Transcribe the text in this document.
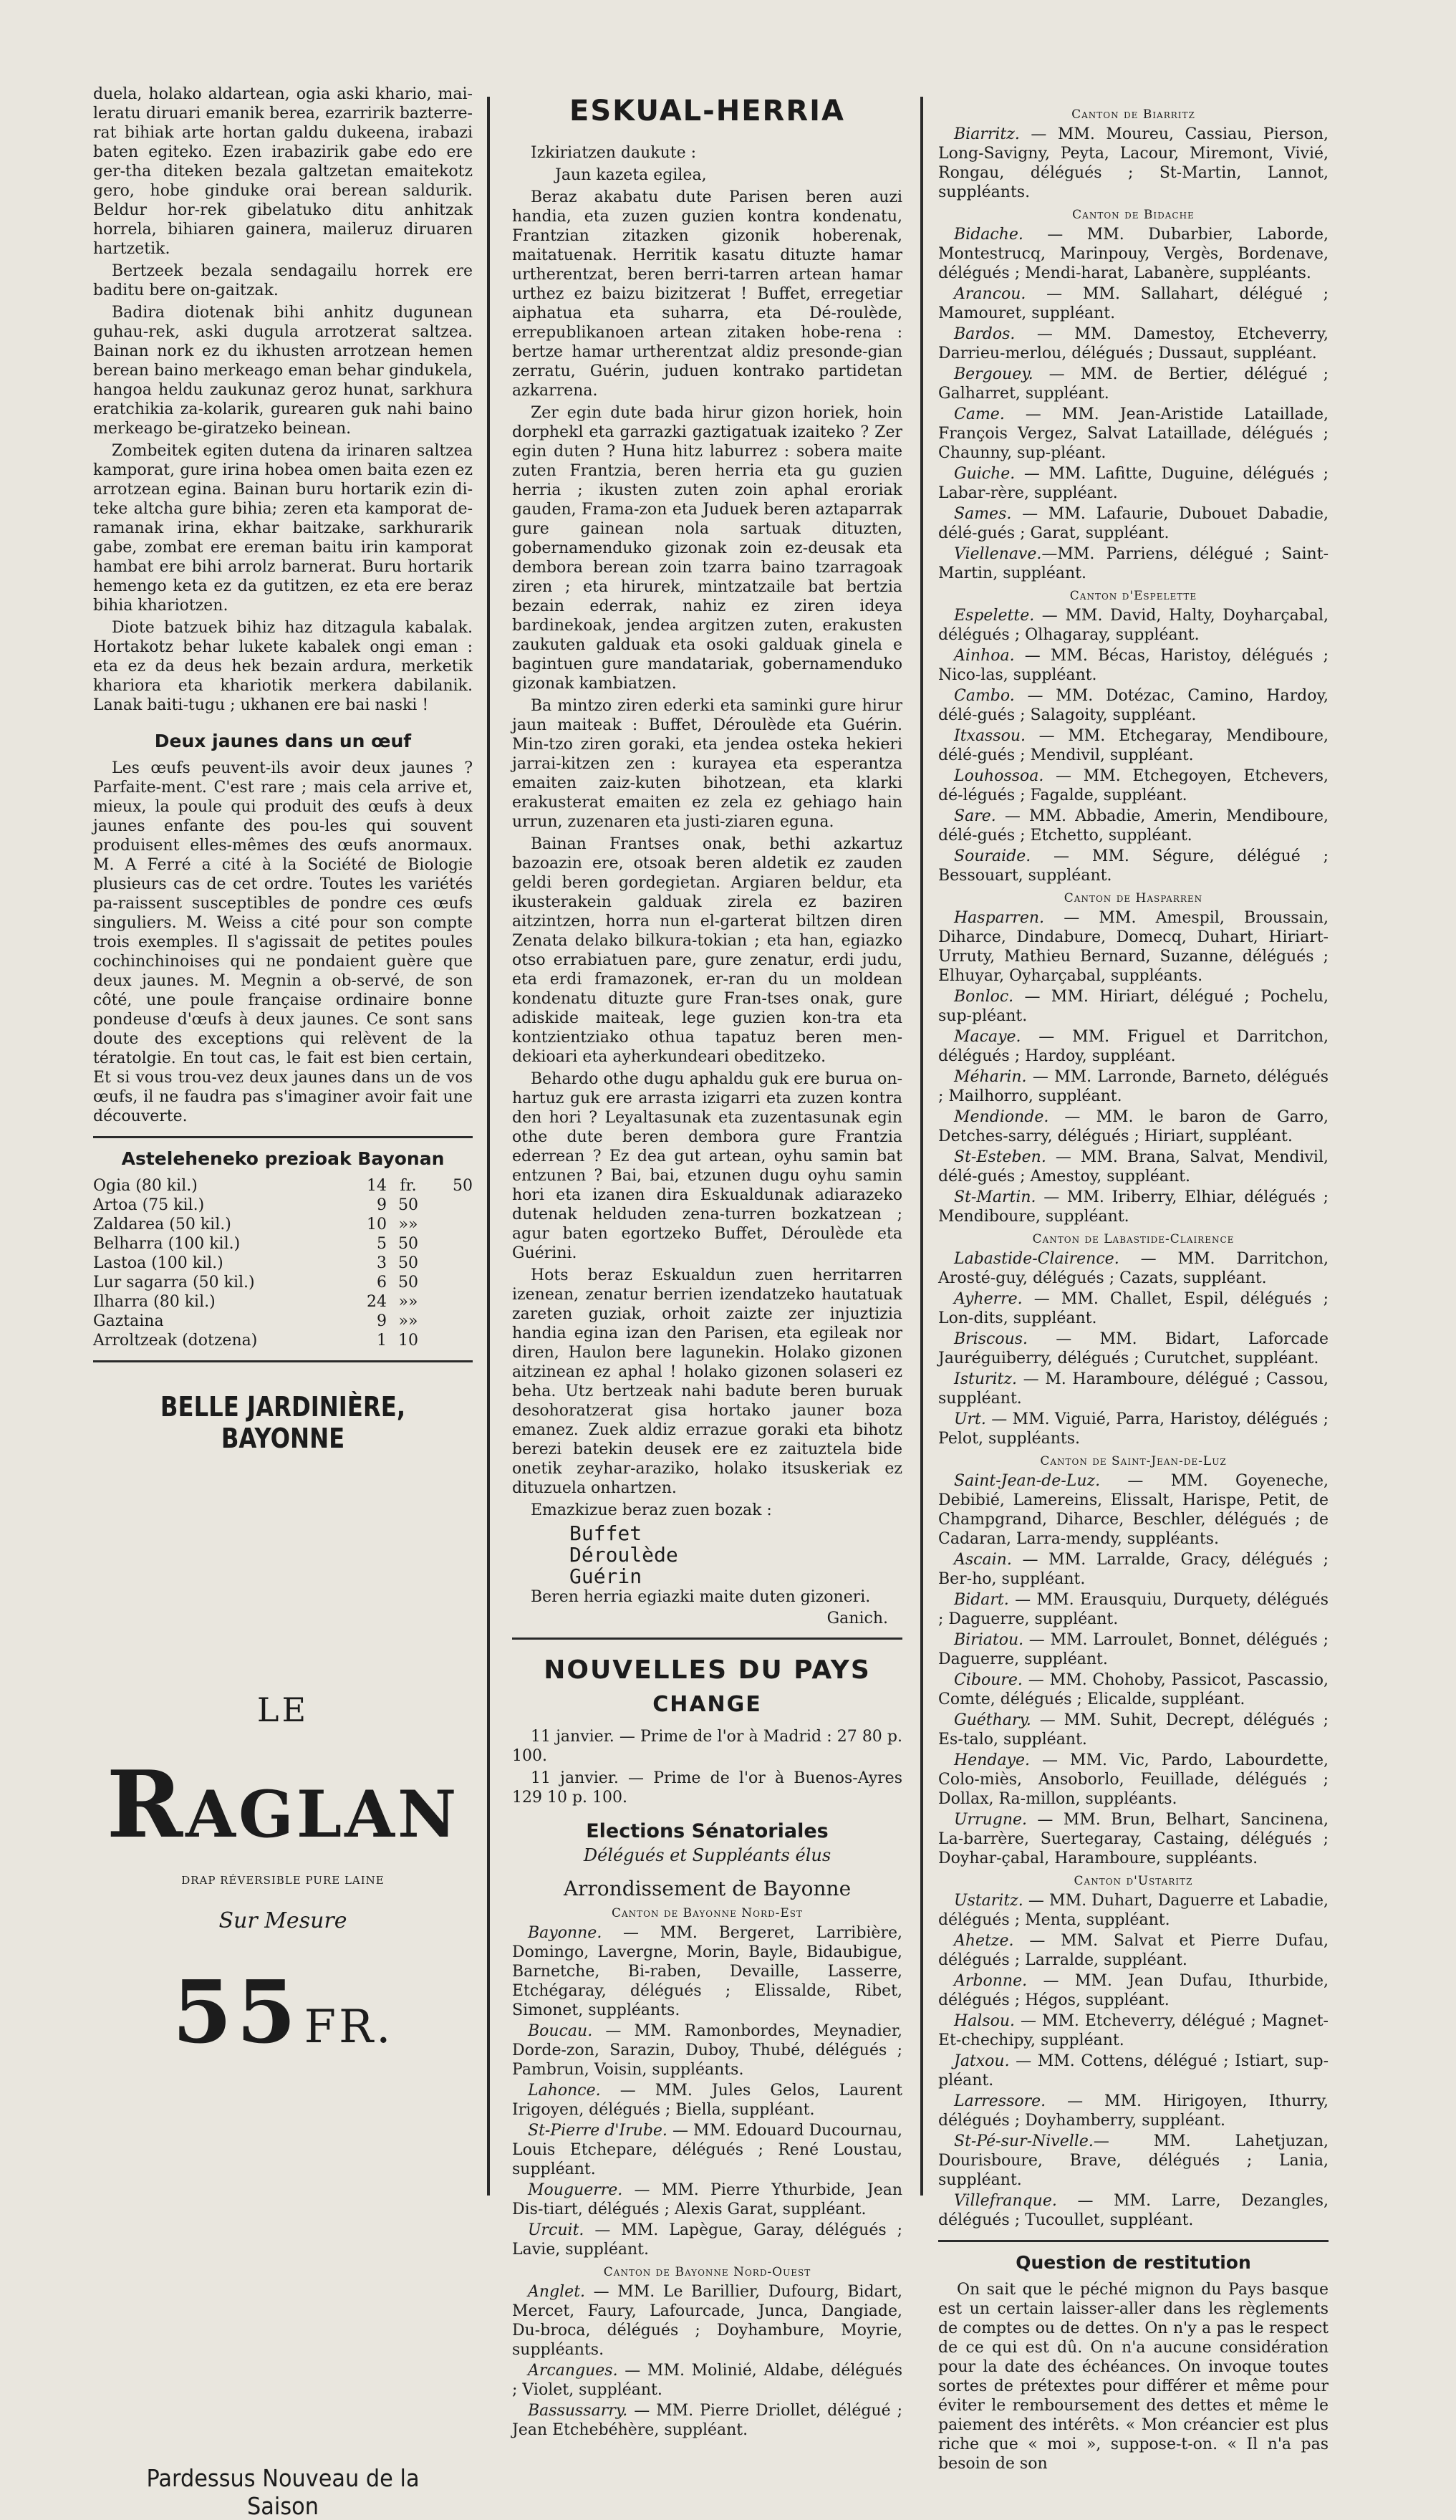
duela, holako aldartean, ogia aski khario, mai-leratu diruari emanik berea, ezarririk bazterre-rat bihiak arte hortan galdu dukeena, irabazi baten egiteko. Ezen irabazirik gabe edo ere ger-tha diteken bezala galtzetan emaitekotz gero, hobe ginduke orai berean saldurik. Beldur hor-rek gibelatuko ditu anhitzak horrela, bihiaren gainera, maileruz diruaren hartzetik.

Bertzeek bezala sendagailu horrek ere baditu bere on-gaitzak.

Badira diotenak bihi anhitz dugunean guhau-rek, aski dugula arrotzerat saltzea. Bainan nork ez du ikhusten arrotzean hemen berean baino merkeago eman behar gindukela, hangoa heldu zaukunaz geroz hunat, sarkhura eratchikia za-kolarik, gurearen guk nahi baino merkeago be-giratzeko beinean.

Zombeitek egiten dutena da irinaren saltzea kamporat, gure irina hobea omen baita ezen ez arrotzean egina. Bainan buru hortarik ezin di-teke altcha gure bihia; zeren eta kamporat de-ramanak irina, ekhar baitzake, sarkhurarik gabe, zombat ere ereman baitu irin kamporat hambat ere bihi arrolz barnerat. Buru hortarik hemengo keta ez da gutitzen, ez eta ere beraz bihia khariotzen.

Diote batzuek bihiz haz ditzagula kabalak. Hortakotz behar lukete kabalek ongi eman : eta ez da deus hek bezain ardura, merketik khariora eta khariotik merkera dabilanik. Lanak baiti-tugu ; ukhanen ere bai naski !

Deux jaunes dans un œuf

Les œufs peuvent-ils avoir deux jaunes ? Parfaite-ment. C'est rare ; mais cela arrive et, mieux, la poule qui produit des œufs à deux jaunes enfante des pou-les qui souvent produisent elles-mêmes des œufs anormaux. M. A Ferré a cité à la Société de Biologie plusieurs cas de cet ordre. Toutes les variétés pa-raissent susceptibles de pondre ces œufs singuliers. M. Weiss a cité pour son compte trois exemples. Il s'agissait de petites poules cochinchinoises qui ne pondaient guère que deux jaunes. M. Megnin a ob-servé, de son côté, une poule française ordinaire bonne pondeuse d'œufs à deux jaunes. Ce sont sans doute des exceptions qui relèvent de la tératolgie. En tout cas, le fait est bien certain, Et si vous trou-vez deux jaunes dans un de vos œufs, il ne faudra pas s'imaginer avoir fait une découverte.

Asteleheneko prezioak Bayonan
Ogia (80 kil.)	14	fr.	50
Artoa (75 kil.)	9	50	
Zaldarea (50 kil.)	10	»»	
Belharra (100 kil.)	5	50	
Lastoa (100 kil.)	3	50	
Lur sagarra (50 kil.)	6	50	
Ilharra (80 kil.)	24	»»	
Gaztaina	9	»»	
Arroltzeak (dotzena)	1	10	
BELLE JARDINIÈRE, BAYONNE
LE
Raglan
DRAP RÉVERSIBLE PURE LAINE
Sur Mesure
55 FR.
Pardessus Nouveau de la Saison
ESKUAL-HERRIA

Izkiriatzen daukute :

Jaun kazeta egilea,

Beraz akabatu dute Parisen beren auzi handia, eta zuzen guzien kontra kondenatu, Frantzian zitazken gizonik hoberenak, maitatuenak. Herritik kasatu dituzte hamar urtherentzat, beren berri-tarren artean hamar urthez ez baizu bizitzerat ! Buffet, erregetiar aiphatua eta suharra, eta Dé-roulède, errepublikanoen artean zitaken hobe-rena : bertze hamar urtherentzat aldiz presonde-gian zerratu, Guérin, juduen kontrako partidetan azkarrena.

Zer egin dute bada hirur gizon horiek, hoin dorphekl eta garrazki gaztigatuak izaiteko ? Zer egin duten ? Huna hitz laburrez : sobera maite zuten Frantzia, beren herria eta gu guzien herria ; ikusten zuten zoin aphal eroriak gauden, Frama-zon eta Juduek beren aztaparrak gure gainean nola sartuak dituzten, gobernamenduko gizonak zoin ez-deusak eta dembora berean zoin tzarra baino tzarragoak ziren ; eta hirurek, mintzatzaile bat bertzia bezain ederrak, nahiz ez ziren ideya bardinekoak, jendea argitzen zuten, erakusten zaukuten galduak eta osoki galduak ginela e bagintuen gure mandatariak, gobernamenduko gizonak kambiatzen.

Ba mintzo ziren ederki eta saminki gure hirur jaun maiteak : Buffet, Déroulède eta Guérin. Min-tzo ziren goraki, eta jendea osteka hekieri jarrai-kitzen zen : kurayea eta esperantza emaiten zaiz-kuten bihotzean, eta klarki erakusterat emaiten ez zela ez gehiago hain urrun, zuzenaren eta justi-ziaren eguna.

Bainan Frantses onak, bethi azkartuz bazoazin ere, otsoak beren aldetik ez zauden geldi beren gordegietan. Argiaren beldur, eta ikusterakein galduak zirela ez baziren aitzintzen, horra nun el-garterat biltzen diren Zenata delako bilkura-tokian ; eta han, egiazko otso errabiatuen pare, gure zenatur, erdi judu, eta erdi framazonek, er-ran du un moldean kondenatu dituzte gure Fran-tses onak, gure adiskide maiteak, lege guzien kon-tra eta kontzientziako othua tapatuz beren men-dekioari eta ayherkundeari obeditzeko.

Behardo othe dugu aphaldu guk ere burua on-hartuz guk ere arrasta izigarri eta zuzen kontra den hori ? Leyaltasunak eta zuzentasunak egin othe dute beren dembora gure Frantzia ederrean ? Ez dea gut artean, oyhu samin bat entzunen ? Bai, bai, etzunen dugu oyhu samin hori eta izanen dira Eskualdunak adiarazeko dutenak helduden zena-turren bozkatzean ; agur baten egortzeko Buffet, Déroulède eta Guérini.

Hots beraz Eskualdun zuen herritarren izenean, zenatur berrien izendatzeko hautatuak zareten guziak, orhoit zaizte zer injuztizia handia egina izan den Parisen, eta egileak nor diren, Haulon bere lagunekin. Holako gizonen aitzinean ez aphal ! holako gizonen solaseri ez beha. Utz bertzeak nahi badute beren buruak desohoratzerat gisa hortako jauner boza emanez. Zuek aldiz errazue goraki eta bihotz berezi batekin deusek ere ez zaituztela bide onetik zeyhar-araziko, holako itsuskeriak ez dituzuela onhartzen.

Emazkizue beraz zuen bozak :

Buffet
Déroulède
Guérin

Beren herria egiazki maite duten gizoneri.

Ganich.
NOUVELLES DU PAYS
CHANGE

11 janvier. — Prime de l'or à Madrid : 27 80 p. 100.

11 janvier. — Prime de l'or à Buenos-Ayres 129 10 p. 100.

Elections Sénatoriales
Délégués et Suppléants élus
Arrondissement de Bayonne
Canton de Bayonne Nord-Est
Bayonne. — MM. Bergeret, Larribière, Domingo, Lavergne, Morin, Bayle, Bidaubigue, Barnetche, Bi-raben, Devaille, Lasserre, Etchégaray, délégués ; Elissalde, Ribet, Simonet, suppléants.
Boucau. — MM. Ramonbordes, Meynadier, Dorde-zon, Sarazin, Duboy, Thubé, délégués ; Pambrun, Voisin, suppléants.
Lahonce. — MM. Jules Gelos, Laurent Irigoyen, délégués ; Biella, suppléant.
St-Pierre d'Irube. — MM. Edouard Ducournau, Louis Etchepare, délégués ; René Loustau, suppléant.
Mouguerre. — MM. Pierre Ythurbide, Jean Dis-tiart, délégués ; Alexis Garat, suppléant.
Urcuit. — MM. Lapègue, Garay, délégués ; Lavie, suppléant.
Canton de Bayonne Nord-Ouest
Anglet. — MM. Le Barillier, Dufourg, Bidart, Mercet, Faury, Lafourcade, Junca, Dangiade, Du-broca, délégués ; Doyhambure, Moyrie, suppléants.
Arcangues. — MM. Molinié, Aldabe, délégués ; Violet, suppléant.
Bassussarry. — MM. Pierre Driollet, délégué ; Jean Etchebéhère, suppléant.
Canton de Biarritz
Biarritz. — MM. Moureu, Cassiau, Pierson, Long-Savigny, Peyta, Lacour, Miremont, Vivié, Rongau, délégués ; St-Martin, Lannot, suppléants.
Canton de Bidache
Bidache. — MM. Dubarbier, Laborde, Montestrucq, Marinpouy, Vergès, Bordenave, délégués ; Mendi-harat, Labanère, suppléants.
Arancou. — MM. Sallahart, délégué ; Mamouret, suppléant.
Bardos. — MM. Damestoy, Etcheverry, Darrieu-merlou, délégués ; Dussaut, suppléant.
Bergouey. — MM. de Bertier, délégué ; Galharret, suppléant.
Came. — MM. Jean-Aristide Lataillade, François Vergez, Salvat Lataillade, délégués ; Chaunny, sup-pléant.
Guiche. — MM. Lafitte, Duguine, délégués ; Labar-rère, suppléant.
Sames. — MM. Lafaurie, Dubouet Dabadie, délé-gués ; Garat, suppléant.
Viellenave.—MM. Parriens, délégué ; Saint-Martin, suppléant.
Canton d'Espelette
Espelette. — MM. David, Halty, Doyharçabal, délégués ; Olhagaray, suppléant.
Ainhoa. — MM. Bécas, Haristoy, délégués ; Nico-las, suppléant.
Cambo. — MM. Dotézac, Camino, Hardoy, délé-gués ; Salagoity, suppléant.
Itxassou. — MM. Etchegaray, Mendiboure, délé-gués ; Mendivil, suppléant.
Louhossoa. — MM. Etchegoyen, Etchevers, dé-légués ; Fagalde, suppléant.
Sare. — MM. Abbadie, Amerin, Mendiboure, délé-gués ; Etchetto, suppléant.
Souraide. — MM. Ségure, délégué ; Bessouart, suppléant.
Canton de Hasparren
Hasparren. — MM. Amespil, Broussain, Diharce, Dindabure, Domecq, Duhart, Hiriart-Urruty, Mathieu Bernard, Suzanne, délégués ; Elhuyar, Oyharçabal, suppléants.
Bonloc. — MM. Hiriart, délégué ; Pochelu, sup-pléant.
Macaye. — MM. Friguel et Darritchon, délégués ; Hardoy, suppléant.
Méharin. — MM. Larronde, Barneto, délégués ; Mailhorro, suppléant.
Mendionde. — MM. le baron de Garro, Detches-sarry, délégués ; Hiriart, suppléant.
St-Esteben. — MM. Brana, Salvat, Mendivil, délé-gués ; Amestoy, suppléant.
St-Martin. — MM. Iriberry, Elhiar, délégués ; Mendiboure, suppléant.
Canton de Labastide-Clairence
Labastide-Clairence. — MM. Darritchon, Arosté-guy, délégués ; Cazats, suppléant.
Ayherre. — MM. Challet, Espil, délégués ; Lon-dits, suppléant.
Briscous. — MM. Bidart, Laforcade Jauréguiberry, délégués ; Curutchet, suppléant.
Isturitz. — M. Haramboure, délégué ; Cassou, suppléant.
Urt. — MM. Viguié, Parra, Haristoy, délégués ; Pelot, suppléants.
Canton de Saint-Jean-de-Luz
Saint-Jean-de-Luz. — MM. Goyeneche, Debibié, Lamereins, Elissalt, Harispe, Petit, de Champgrand, Diharce, Beschler, délégués ; de Cadaran, Larra-mendy, suppléants.
Ascain. — MM. Larralde, Gracy, délégués ; Ber-ho, suppléant.
Bidart. — MM. Erausquiu, Durquety, délégués ; Daguerre, suppléant.
Biriatou. — MM. Larroulet, Bonnet, délégués ; Daguerre, suppléant.
Ciboure. — MM. Chohoby, Passicot, Pascassio, Comte, délégués ; Elicalde, suppléant.
Guéthary. — MM. Suhit, Decrept, délégués ; Es-talo, suppléant.
Hendaye. — MM. Vic, Pardo, Labourdette, Colo-miès, Ansoborlo, Feuillade, délégués ; Dollax, Ra-millon, suppléants.
Urrugne. — MM. Brun, Belhart, Sancinena, La-barrère, Suertegaray, Castaing, délégués ; Doyhar-çabal, Haramboure, suppléants.
Canton d'Ustaritz
Ustaritz. — MM. Duhart, Daguerre et Labadie, délégués ; Menta, suppléant.
Ahetze. — MM. Salvat et Pierre Dufau, délégués ; Larralde, suppléant.
Arbonne. — MM. Jean Dufau, Ithurbide, délégués ; Hégos, suppléant.
Halsou. — MM. Etcheverry, délégué ; Magnet-Et-chechipy, suppléant.
Jatxou. — MM. Cottens, délégué ; Istiart, sup-pléant.
Larressore. — MM. Hirigoyen, Ithurry, délégués ; Doyhamberry, suppléant.
St-Pé-sur-Nivelle.— MM. Lahetjuzan, Dourisboure, Brave, délégués ; Lania, suppléant.
Villefranque. — MM. Larre, Dezangles, délégués ; Tucoullet, suppléant.
Question de restitution

On sait que le péché mignon du Pays basque est un certain laisser-aller dans les règlements de comptes ou de dettes. On n'y a pas le respect de ce qui est dû. On n'a aucune considération pour la date des échéances. On invoque toutes sortes de prétextes pour différer et même pour éviter le remboursement des dettes et même le paiement des intérêts. « Mon créancier est plus riche que « moi », suppose-t-on. « Il n'a pas besoin de son
